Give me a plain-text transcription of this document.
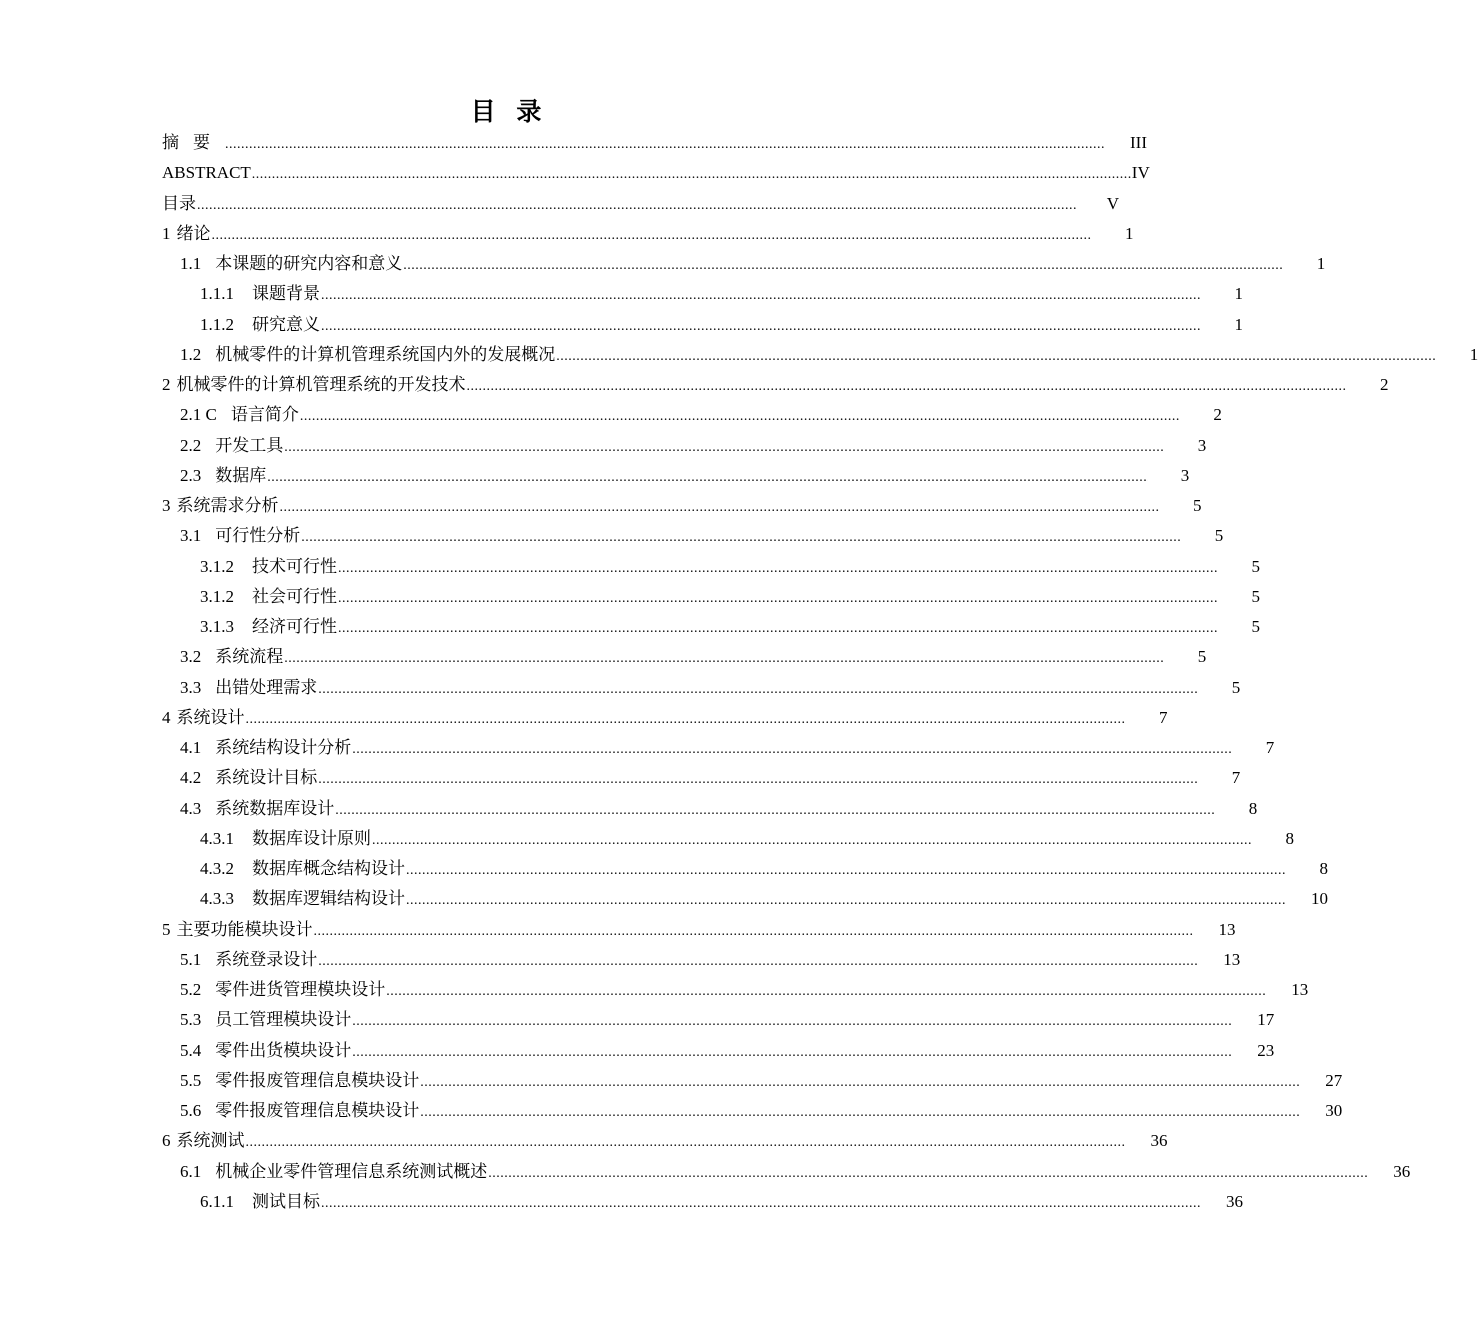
目 录
摘要 ............................................................................................................................................................................................................................	III
ABSTRACT ............................................................................................................................................................................................................................ IV
目录 ............................................................................................................................................................................................................................	V
1 绪论 ............................................................................................................................................................................................................................	1
1.1 本课题的研究内容和意义 ............................................................................................................................................................................................................................	1
1.1.1 课题背景 ............................................................................................................................................................................................................................	1
1.1.2 研究意义 ............................................................................................................................................................................................................................	1
1.2 机械零件的计算机管理系统国内外的发展概况 ............................................................................................................................................................................................................................	1
2 机械零件的计算机管理系统的开发技术 ............................................................................................................................................................................................................................	2
2.1 C 语言简介 ............................................................................................................................................................................................................................	2
2.2 开发工具 ............................................................................................................................................................................................................................	3
2.3 数据库 ............................................................................................................................................................................................................................	3
3 系统需求分析 ............................................................................................................................................................................................................................	5
3.1 可行性分析 ............................................................................................................................................................................................................................	5
3.1.2 技术可行性 ............................................................................................................................................................................................................................	5
3.1.2 社会可行性 ............................................................................................................................................................................................................................	5
3.1.3 经济可行性 ............................................................................................................................................................................................................................	5
3.2 系统流程 ............................................................................................................................................................................................................................	5
3.3 出错处理需求 ............................................................................................................................................................................................................................	5
4 系统设计 ............................................................................................................................................................................................................................	7
4.1 系统结构设计分析 ............................................................................................................................................................................................................................	7
4.2 系统设计目标 ............................................................................................................................................................................................................................	7
4.3 系统数据库设计 ............................................................................................................................................................................................................................	8
4.3.1 数据库设计原则 ............................................................................................................................................................................................................................	8
4.3.2 数据库概念结构设计 ............................................................................................................................................................................................................................	8
4.3.3 数据库逻辑结构设计 ............................................................................................................................................................................................................................	10
5 主要功能模块设计 ............................................................................................................................................................................................................................	13
5.1 系统登录设计 ............................................................................................................................................................................................................................	13
5.2 零件进货管理模块设计 ............................................................................................................................................................................................................................	13
5.3 员工管理模块设计 ............................................................................................................................................................................................................................	17
5.4 零件出货模块设计 ............................................................................................................................................................................................................................	23
5.5 零件报废管理信息模块设计 ............................................................................................................................................................................................................................	27
5.6 零件报废管理信息模块设计 ............................................................................................................................................................................................................................	30
6 系统测试 ............................................................................................................................................................................................................................	36
6.1 机械企业零件管理信息系统测试概述 ............................................................................................................................................................................................................................	36
6.1.1 测试目标 ............................................................................................................................................................................................................................	36
